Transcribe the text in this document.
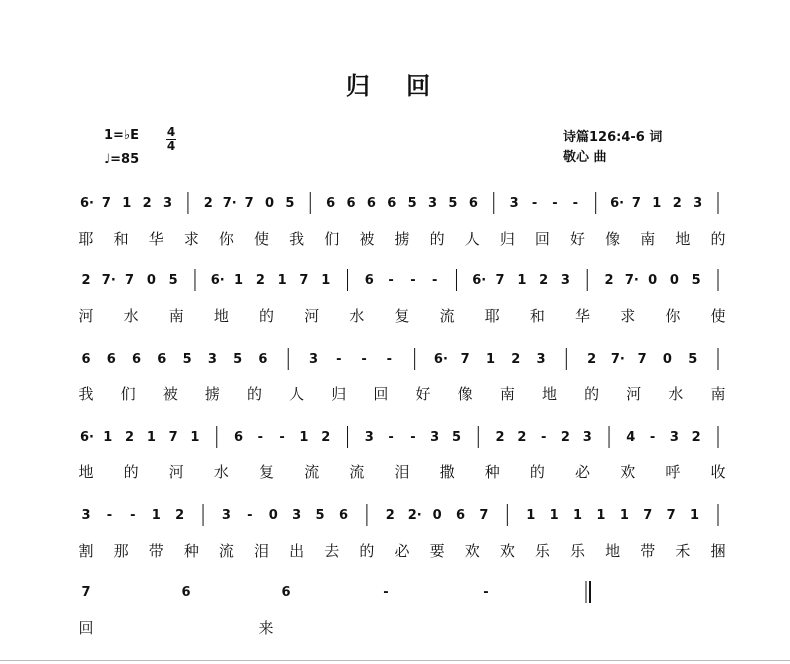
归 回
1=♭E 4
4
♩=85
诗篇126:4-6 词
敬心 曲
6· 7 1 2 3 2 7· 7 0 5 6 6 6 6 5 3 5 6 3 - - - 6· 7 1 2 3
耶 和 华 求 你 使 我 们 被 掳 的 人 归 回 好 像 南 地 的
2 7· 7 0 5	6· 1 2 1 7 1	6 - - -	6· 7 1 2 3	2 7· 0 0 5
河 水 南 地 的 河 水 复 流 耶 和 华 求 你 使
6 6 6 6 5 3 5 6	3 - - -	6· 7 1 2 3	2 7· 7 0 5
我 们 被 掳 的 人 归 回 好 像 南 地 的 河 水 南
6· 1 2 1 7 1	6 - - 1 2	3 - - 3 5	2 2 - 2 3	4 - 3 2
地 的 河 水 复 流 流 泪 撒 种 的 必 欢 呼 收
3 - - 1 2	3 - 0 3 5 6	2 2· 0 6 7	1 1 1 1 1 7 7 1
割 那 带 种 流 泪 出 去 的 必 要 欢 欢 乐 乐 地 带 禾 捆
7	6	6	-	-
回	来
